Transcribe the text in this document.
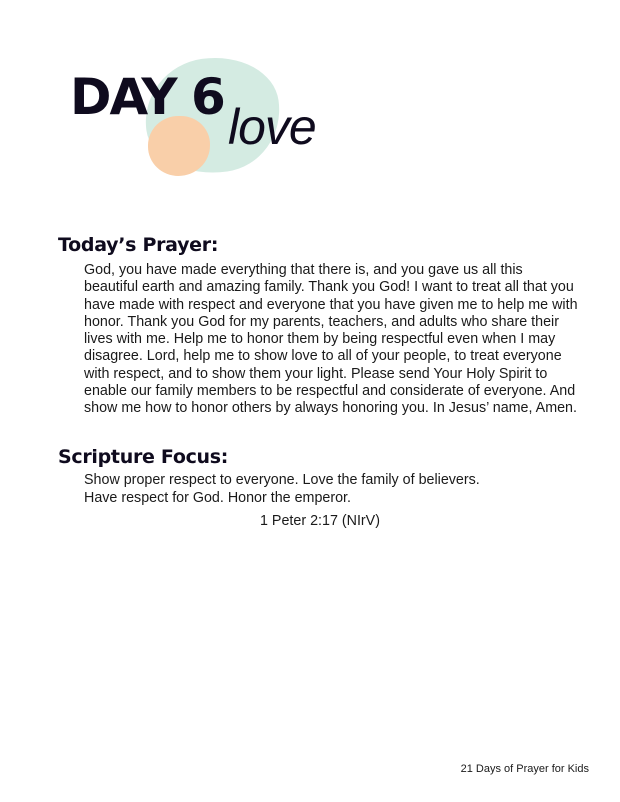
DAY 6
love
Today’s Prayer:

God, you have made everything that there is, and you gave us all this beautiful earth and amazing family. Thank you God! I want to treat all that you have made with respect and everyone that you have given me to help me with honor. Thank you God for my parents, teachers, and adults who share their lives with me. Help me to honor them by being respectful even when I may disagree. Lord, help me to show love to all of your people, to treat everyone with respect, and to show them your light. Please send Your Holy Spirit to enable our family members to be respectful and considerate of everyone. And show me how to honor others by always honoring you. In Jesus’ name, Amen.

Scripture Focus:
Show proper respect to everyone. Love the family of believers.
Have respect for God. Honor the emperor.
1 Peter 2:17 (NIrV)
21 Days of Prayer for Kids
